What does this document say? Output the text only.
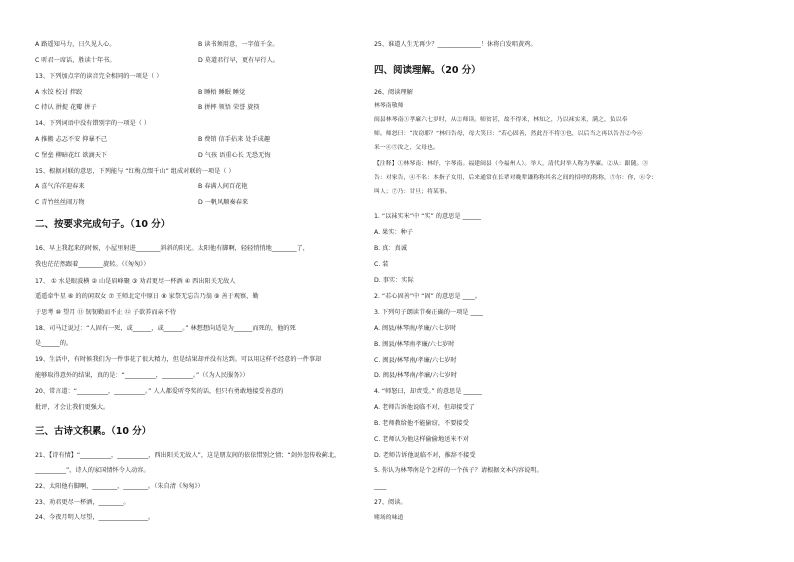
A 路遥知马力，日久见人心。	B 读书须用意，一字值千金。
C 听君一席话，胜读十年书。	D 莫道君行早，更有早行人。
13、下列加点字的读音完全相同的一项是（ ）
A 水饺 校讨 拌跤	B 睡梧 睡眠 睡觉
C 持认 拼捉 花瓣 拼子	B 拼摔 领悟 荣誉 旋筷
14、下列词语中没有错别字的一项是（ ）
A 推搬 忐忑不安 抑暴不己	B 费销 信手拈来 处手成趣
C 堡垒 柳暗花红 欲滴天下	D 气孩 语重心长 无恐无悔
15、根据对联的意思，下列能与 “红梅点缀千山” 组成对联的一项是（ ）
A 喜气洋洋迎春来	B 春满人间百花艳
C 青竹丝丝闹万物	D 一帆风顺奏春来
二、按要求完成句子。（10 分）
16、早上我起来的时候，小屋里射进________斜斜的阳光。太阳他有脚啊，轻轻悄悄地________了，
我也茫茫然跟着________旋转。（《匆匆》）
17、 ① 水是眼波横 ② 山是眉峰聚 ③ 劝君更尽一杯酒 ④ 西出阳关无故人
遥遥牵牛星 ⑥ 的的闲双女 ⑦ 王师北定中原日 ⑧ 家祭无忘告乃翁 ⑨ 善于观察，勤
于思考 ⑩ 望月 ⑪ 韧韧勤而不止 ⑫ 子欲养而亲不待
18、司马迁说过：“人固有一死，或______，或______。” 林想想向适是为______而死的，他的死
是______的。
19、生活中，有时候我们为一件事花了很大精力，但是结果却并没有达到。可以用这样不经意的一件事却
能够取得意外的结果，真的是：“__________，__________。”（《为人民服务》）
20、常言道：“__________，__________。” 人人都爱听夸奖的话，但只有勇敢地接受善意的
批评，才会让我们更强大。
三、古诗文积累。（10 分）
21、【诗有情】“__________，__________，西出阳关无故人”，这是朋友间的依依惜别之情；“剑外忽传收蓟北，
__________”，诗人的家国情怀令人动容。
22、太阳他有脚啊，________，________。（朱自清《匆匆》）
23、劝君更尽一杯酒，________。
24、今夜月明人尽望，________________。
25、谁道人生无再少？______________！休将白发唱黄鸡。
四、阅读理解。（20 分）
26、阅读理解
林琴南敬师
闽县林琴南①孝廉六七岁时，从②师读。师贫甚，故不得米，林知之，乃以袜实米，满之，负以奉
师。师怒曰：“汝窃耶？”林归告母，母大笑曰：“若心固善，然此吾不将③也，以后当之再以告吾②今⑥
米一④⑤汝之，父母也。
【注释】①林琴南：林纾，字琴南。福建闽县（今福州人）。举人，清代封举人称为孝廉。②从：跟随。③
告：对家告，④不名：本指子女用，后来通常在长辈对晚辈谦称称其名之间的招呼的称称，⑤尔：你，⑥令：
叫人；⑦乃：甘旦；将某事。
1. “以袜实米”中 “实” 的意思是 ______
A. 果实：种子
B. 真：真诚
C. 装
D. 事实：实际
2. “若心固善”中 “固” 的意思是 ____。
3. 下列句子朗读节奏正确的一项是 ____
A. 闽县/林琴南/孝廉/六七岁时
B. 闽县/林琴南孝廉/六七岁时
C. 闽县/林琴南/孝廉/六七岁时
D. 闽县/林琴南/孝廉/六七岁时
4. “师怒曰，却责受。” 的意思是 ______
A. 老师告诉他说临不对，但却接受了
B. 老师教给他不能偷窃，不要接受
C. 老师认为他这样偷偷地送米不对
D. 老师告诉他说临不对，推辞不接受
5. 你认为林琴南是个怎样的一个孩子？请根据文本内容说明。
____
27、阅读。
赌场的味道
